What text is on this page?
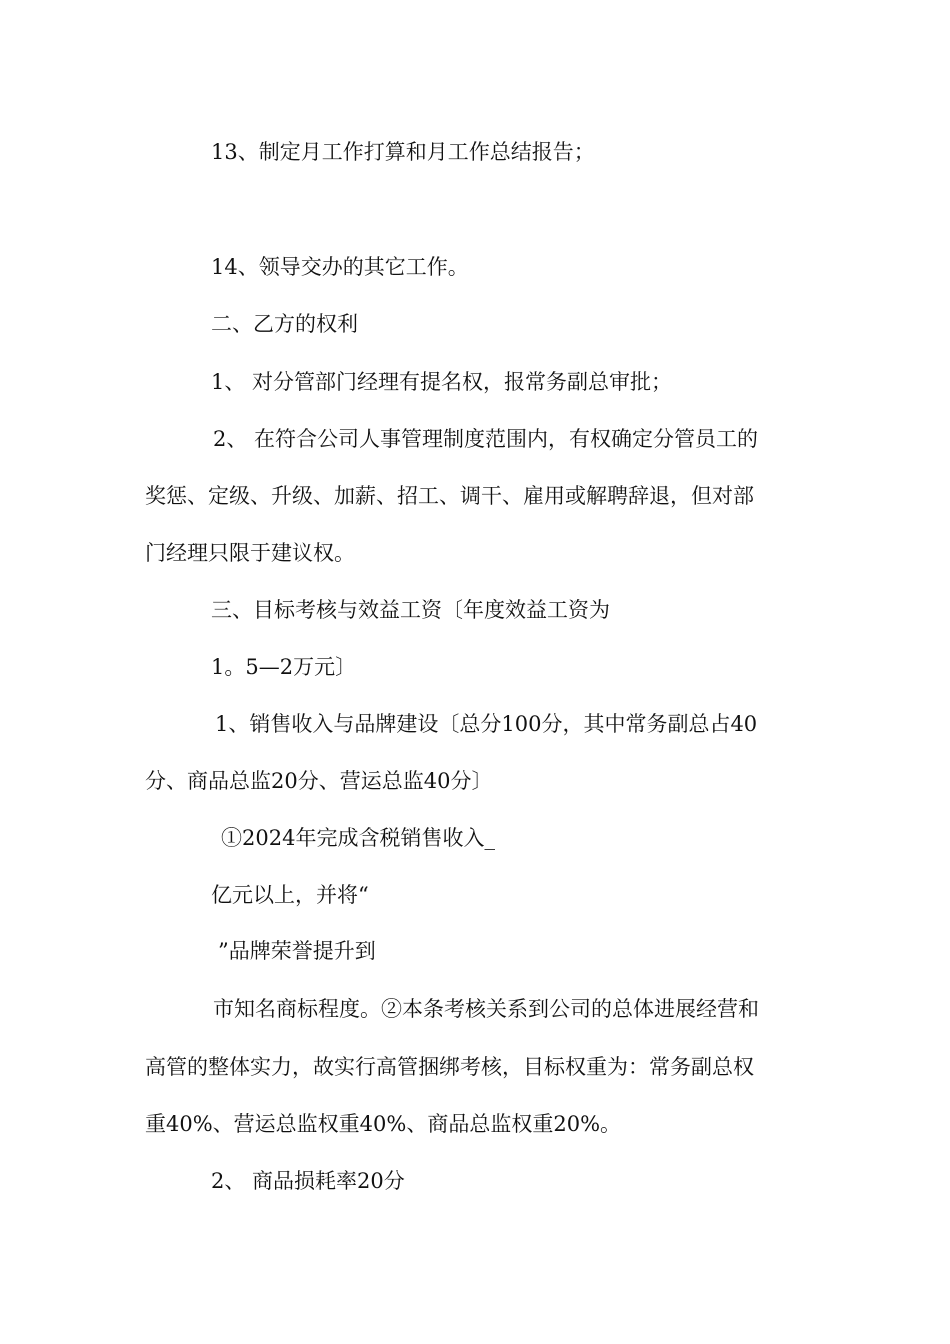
13、制定月工作打算和月工作总结报告；
14、领导交办的其它工作。
二、乙方的权利
1、 对分管部门经理有提名权，报常务副总审批；
2、 在符合公司人事管理制度范围内，有权确定分管员工的
奖惩、定级、升级、加薪、招工、调干、雇用或解聘辞退，但对部
门经理只限于建议权。
三、目标考核与效益工资〔年度效益工资为
1。5—2万元〕
1、销售收入与品牌建设〔总分100分，其中常务副总占40
分、商品总监20分、营运总监40分〕
①2024年完成含税销售收入_
亿元以上，并将“
”品牌荣誉提升到
市知名商标程度。②本条考核关系到公司的总体进展经营和
高管的整体实力，故实行高管捆绑考核，目标权重为：常务副总权
重40%、营运总监权重40%、商品总监权重20%。
2、 商品损耗率20分
